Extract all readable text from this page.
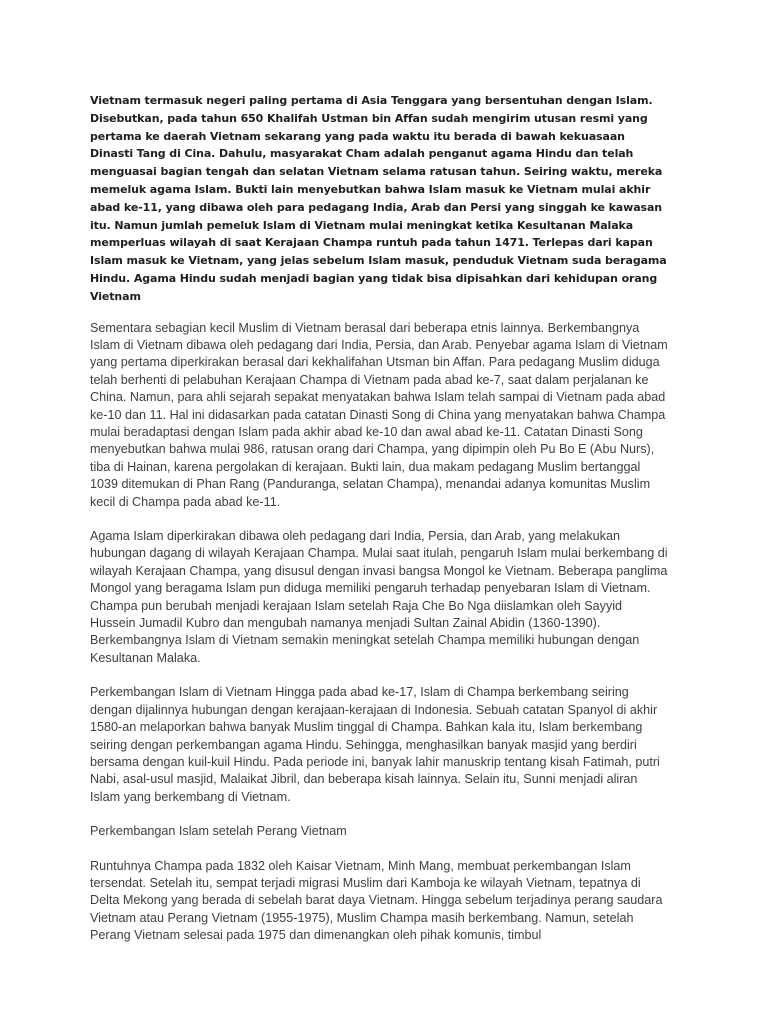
Vietnam termasuk negeri paling pertama di Asia Tenggara yang bersentuhan dengan Islam. Disebutkan, pada tahun 650 Khalifah Ustman bin Affan sudah mengirim utusan resmi yang pertama ke daerah Vietnam sekarang yang pada waktu itu berada di bawah kekuasaan Dinasti Tang di Cina. Dahulu, masyarakat Cham adalah penganut agama Hindu dan telah menguasai bagian tengah dan selatan Vietnam selama ratusan tahun. Seiring waktu, mereka memeluk agama Islam. Bukti lain menyebutkan bahwa Islam masuk ke Vietnam mulai akhir abad ke-11, yang dibawa oleh para pedagang India, Arab dan Persi yang singgah ke kawasan itu. Namun jumlah pemeluk Islam di Vietnam mulai meningkat ketika Kesultanan Malaka memperluas wilayah di saat Kerajaan Champa runtuh pada tahun 1471. Terlepas dari kapan Islam masuk ke Vietnam, yang jelas sebelum Islam masuk, penduduk Vietnam suda beragama Hindu. Agama Hindu sudah menjadi bagian yang tidak bisa dipisahkan dari kehidupan orang Vietnam

Sementara sebagian kecil Muslim di Vietnam berasal dari beberapa etnis lainnya. Berkembangnya Islam di Vietnam dibawa oleh pedagang dari India, Persia, dan Arab. Penyebar agama Islam di Vietnam yang pertama diperkirakan berasal dari kekhalifahan Utsman bin Affan. Para pedagang Muslim diduga telah berhenti di pelabuhan Kerajaan Champa di Vietnam pada abad ke-7, saat dalam perjalanan ke China. Namun, para ahli sejarah sepakat menyatakan bahwa Islam telah sampai di Vietnam pada abad ke-10 dan 11. Hal ini didasarkan pada catatan Dinasti Song di China yang menyatakan bahwa Champa mulai beradaptasi dengan Islam pada akhir abad ke-10 dan awal abad ke-11. Catatan Dinasti Song menyebutkan bahwa mulai 986, ratusan orang dari Champa, yang dipimpin oleh Pu Bo E (Abu Nurs), tiba di Hainan, karena pergolakan di kerajaan. Bukti lain, dua makam pedagang Muslim bertanggal 1039 ditemukan di Phan Rang (Panduranga, selatan Champa), menandai adanya komunitas Muslim kecil di Champa pada abad ke-11.

Agama Islam diperkirakan dibawa oleh pedagang dari India, Persia, dan Arab, yang melakukan hubungan dagang di wilayah Kerajaan Champa. Mulai saat itulah, pengaruh Islam mulai berkembang di wilayah Kerajaan Champa, yang disusul dengan invasi bangsa Mongol ke Vietnam. Beberapa panglima Mongol yang beragama Islam pun diduga memiliki pengaruh terhadap penyebaran Islam di Vietnam. Champa pun berubah menjadi kerajaan Islam setelah Raja Che Bo Nga diislamkan oleh Sayyid Hussein Jumadil Kubro dan mengubah namanya menjadi Sultan Zainal Abidin (1360-1390). Berkembangnya Islam di Vietnam semakin meningkat setelah Champa memiliki hubungan dengan Kesultanan Malaka.

Perkembangan Islam di Vietnam Hingga pada abad ke-17, Islam di Champa berkembang seiring dengan dijalinnya hubungan dengan kerajaan-kerajaan di Indonesia. Sebuah catatan Spanyol di akhir 1580-an melaporkan bahwa banyak Muslim tinggal di Champa. Bahkan kala itu, Islam berkembang seiring dengan perkembangan agama Hindu. Sehingga, menghasilkan banyak masjid yang berdiri bersama dengan kuil-kuil Hindu. Pada periode ini, banyak lahir manuskrip tentang kisah Fatimah, putri Nabi, asal-usul masjid, Malaikat Jibril, dan beberapa kisah lainnya. Selain itu, Sunni menjadi aliran Islam yang berkembang di Vietnam.

Perkembangan Islam setelah Perang Vietnam

Runtuhnya Champa pada 1832 oleh Kaisar Vietnam, Minh Mang, membuat perkembangan Islam tersendat. Setelah itu, sempat terjadi migrasi Muslim dari Kamboja ke wilayah Vietnam, tepatnya di Delta Mekong yang berada di sebelah barat daya Vietnam. Hingga sebelum terjadinya perang saudara Vietnam atau Perang Vietnam (1955-1975), Muslim Champa masih berkembang. Namun, setelah Perang Vietnam selesai pada 1975 dan dimenangkan oleh pihak komunis, timbul
